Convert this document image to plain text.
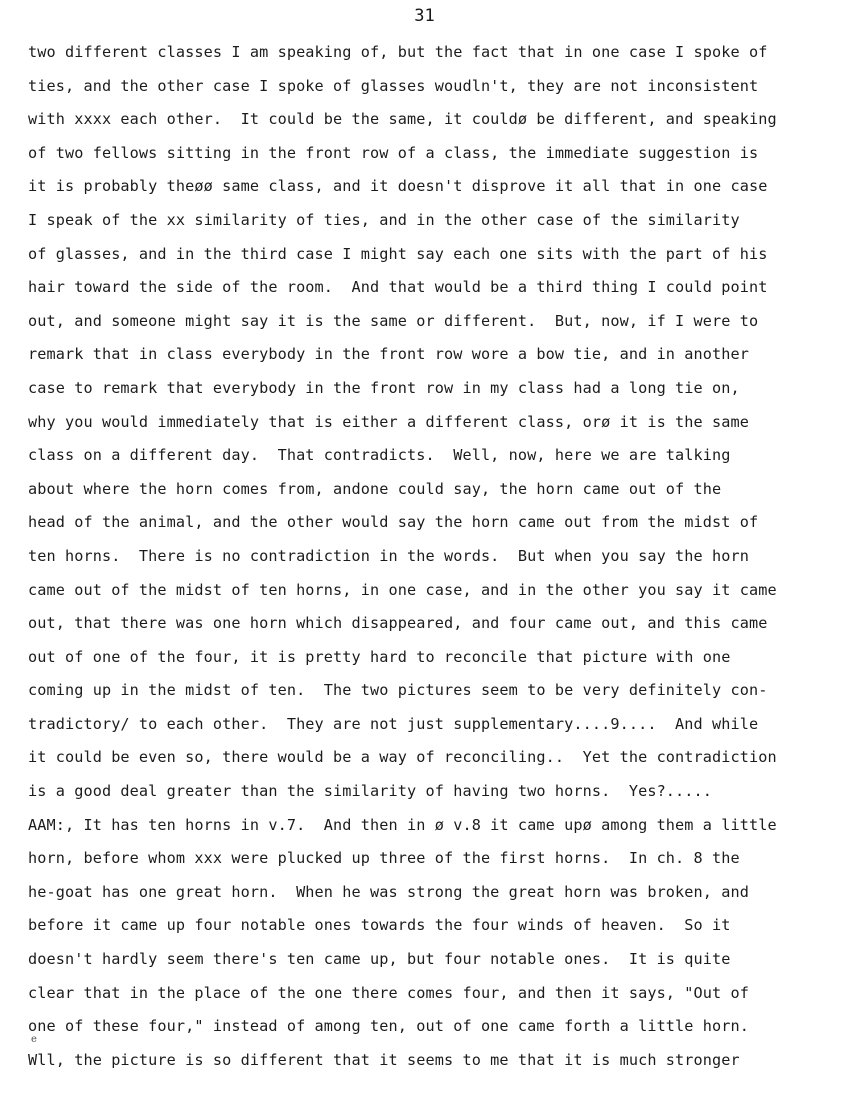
31
two different classes I am speaking of, but the fact that in one case I spoke of
ties, and the other case I spoke of glasses woudln't, they are not inconsistent
with xxxx each other.  It could be the same, it couldø be different, and speaking
of two fellows sitting in the front row of a class, the immediate suggestion is
it is probably theøø same class, and it doesn't disprove it all that in one case
I speak of the xx similarity of ties, and in the other case of the similarity
of glasses, and in the third case I might say each one sits with the part of his
hair toward the side of the room.  And that would be a third thing I could point
out, and someone might say it is the same or different.  But, now, if I were to
remark that in class everybody in the front row wore a bow tie, and in another
case to remark that everybody in the front row in my class had a long tie on,
why you would immediately that is either a different class, orø it is the same
class on a different day.  That contradicts.  Well, now, here we are talking
about where the horn comes from, andone could say, the horn came out of the
head of the animal, and the other would say the horn came out from the midst of
ten horns.  There is no contradiction in the words.  But when you say the horn
came out of the midst of ten horns, in one case, and in the other you say it came
out, that there was one horn which disappeared, and four came out, and this came
out of one of the four, it is pretty hard to reconcile that picture with one
coming up in the midst of ten.  The two pictures seem to be very definitely con-
tradictory/ to each other.  They are not just supplementary....9....  And while
it could be even so, there would be a way of reconciling..  Yet the contradiction
is a good deal greater than the similarity of having two horns.  Yes?.....
AAM:, It has ten horns in v.7.  And then in ø v.8 it came upø among them a little
horn, before whom xxx were plucked up three of the first horns.  In ch. 8 the
he-goat has one great horn.  When he was strong the great horn was broken, and
before it came up four notable ones towards the four winds of heaven.  So it
doesn't hardly seem there's ten came up, but four notable ones.  It is quite
clear that in the place of the one there comes four, and then it says, "Out of
one of these four," instead of among ten, out of one came forth a little horn.
Wll, the picture is so different that it seems to me that it is much stronger
e
